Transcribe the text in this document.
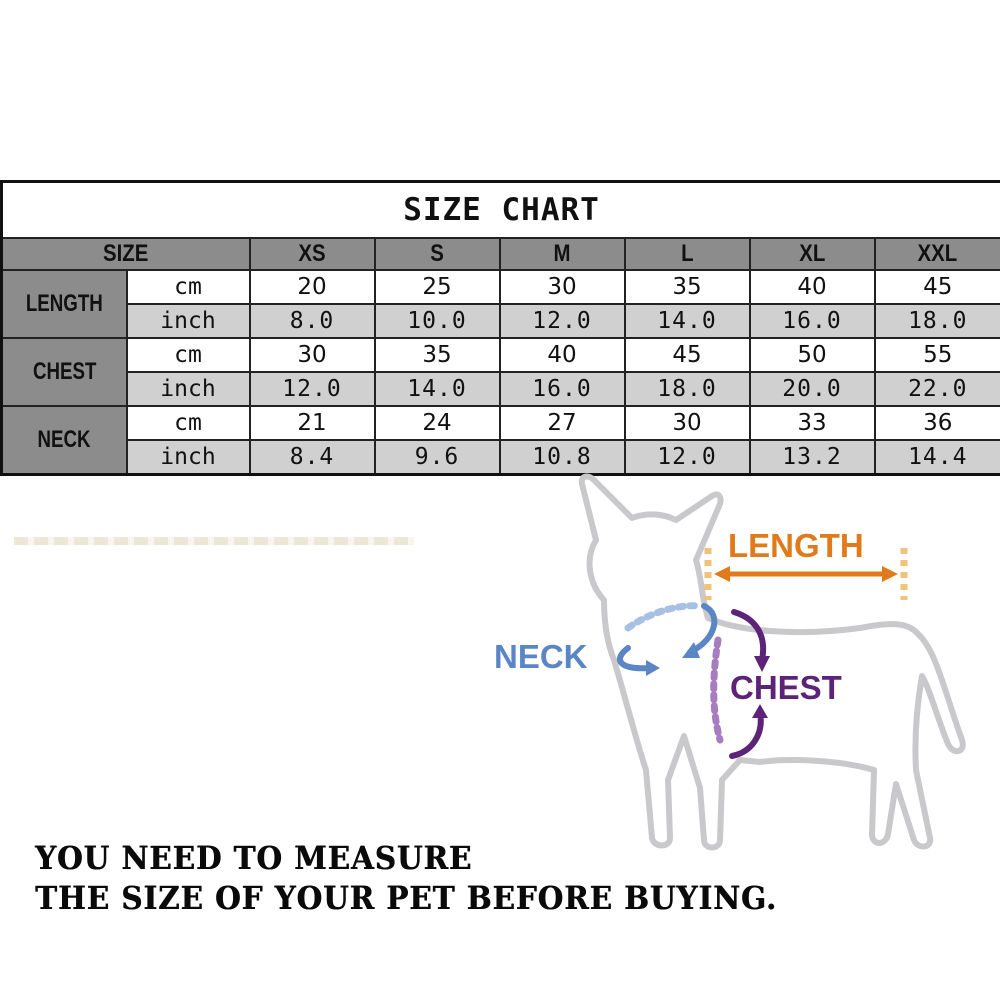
SIZE CHART							
SIZE		XS	S	M	L	XL	XXL
LENGTH	cm	20	25	30	35	40	45
	inch	8.0	10.0	12.0	14.0	16.0	18.0
CHEST	cm	30	35	40	45	50	55
	inch	12.0	14.0	16.0	18.0	20.0	22.0
NECK	cm	21	24	27	30	33	36
	inch	8.4	9.6	10.8	12.0	13.2	14.4
LENGTH
NECK
CHEST
YOU NEED TO MEASURE
THE SIZE OF YOUR PET BEFORE BUYING.
